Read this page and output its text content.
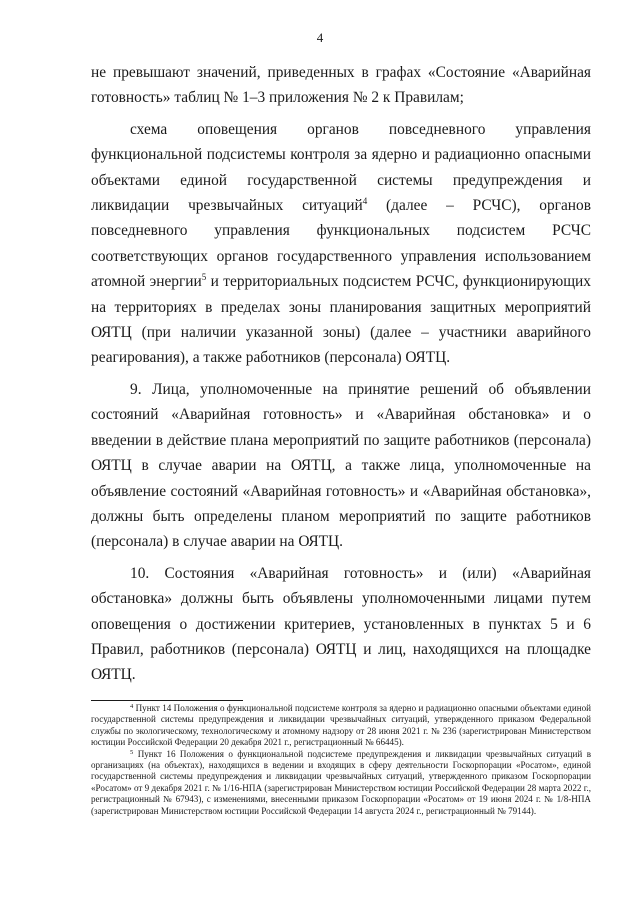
4

не превышают значений, приведенных в графах «Состояние «Аварийная готовность» таблиц № 1–3 приложения № 2 к Правилам;

схема оповещения органов повседневного управления функциональной подсистемы контроля за ядерно и радиационно опасными объектами единой государственной системы предупреждения и ликвидации чрезвычайных ситуаций$^4$ (далее – РСЧС), органов повседневного управления функциональных подсистем РСЧС соответствующих органов государственного управления использованием атомной энергии$^5$ и территориальных подсистем РСЧС, функционирующих на территориях в пределах зоны планирования защитных мероприятий ОЯТЦ (при наличии указанной зоны) (далее – участники аварийного реагирования), а также работников (персонала) ОЯТЦ.

9. Лица, уполномоченные на принятие решений об объявлении состояний «Аварийная готовность» и «Аварийная обстановка» и о введении в действие плана мероприятий по защите работников (персонала) ОЯТЦ в случае аварии на ОЯТЦ, а также лица, уполномоченные на объявление состояний «Аварийная готовность» и «Аварийная обстановка», должны быть определены планом мероприятий по защите работников (персонала) в случае аварии на ОЯТЦ.

10. Состояния «Аварийная готовность» и (или) «Аварийная обстановка» должны быть объявлены уполномоченными лицами путем оповещения о достижении критериев, установленных в пунктах 5 и 6 Правил, работников (персонала) ОЯТЦ и лиц, находящихся на площадке ОЯТЦ.

$^4$ Пункт 14 Положения о функциональной подсистеме контроля за ядерно и радиационно опасными объектами единой государственной системы предупреждения и ликвидации чрезвычайных ситуаций, утвержденного приказом Федеральной службы по экологическому, технологическому и атомному надзору от 28 июня 2021 г. № 236 (зарегистрирован Министерством юстиции Российской Федерации 20 декабря 2021 г., регистрационный № 66445).

$^5$ Пункт 16 Положения о функциональной подсистеме предупреждения и ликвидации чрезвычайных ситуаций в организациях (на объектах), находящихся в ведении и входящих в сферу деятельности Госкорпорации «Росатом», единой государственной системы предупреждения и ликвидации чрезвычайных ситуаций, утвержденного приказом Госкорпорации «Росатом» от 9 декабря 2021 г. № 1/16-НПА (зарегистрирован Министерством юстиции Российской Федерации 28 марта 2022 г., регистрационный № 67943), с изменениями, внесенными приказом Госкорпорации «Росатом» от 19 июня 2024 г. № 1/8-НПА (зарегистрирован Министерством юстиции Российской Федерации 14 августа 2024 г., регистрационный № 79144).
